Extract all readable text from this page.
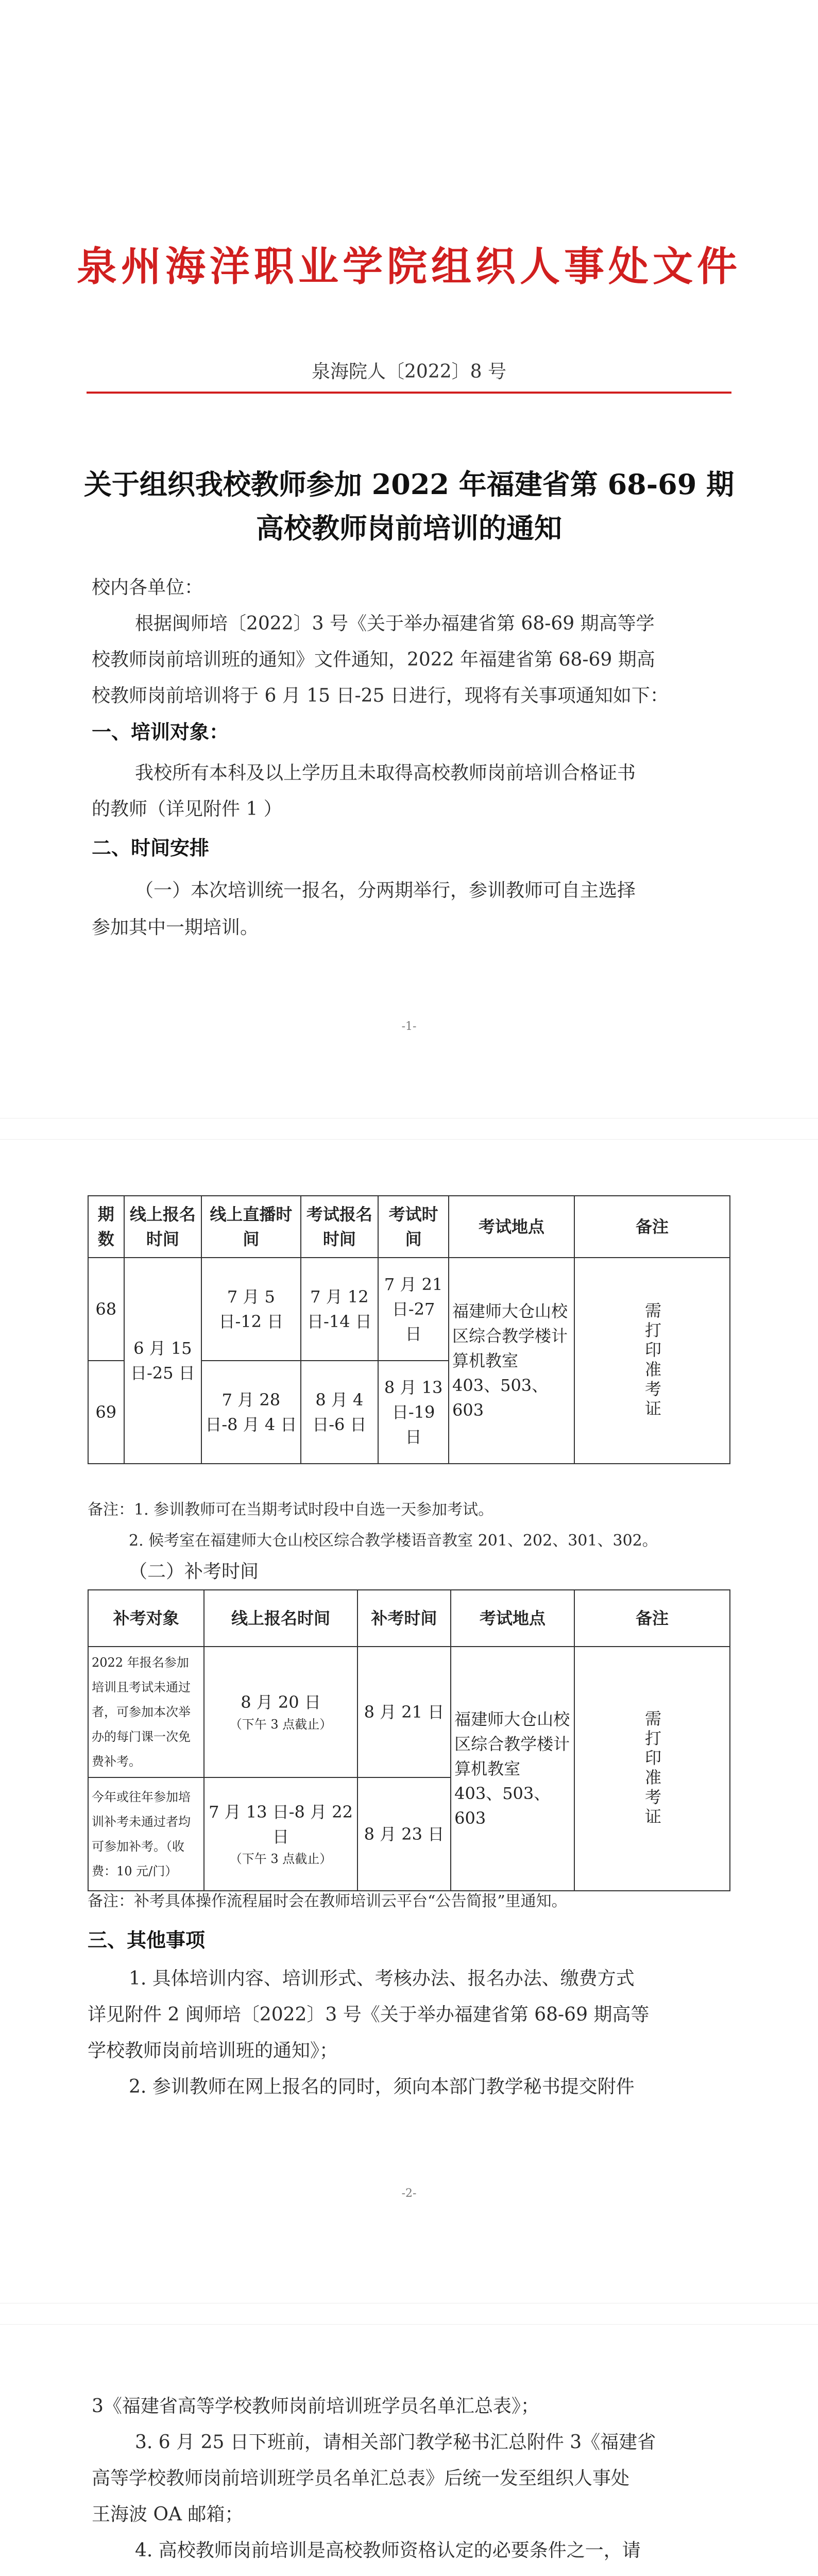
泉州海洋职业学院组织人事处文件
泉海院人〔2022〕8 号
关于组织我校教师参加 2022 年福建省第 68-69 期
高校教师岗前培训的通知
校内各单位：
根据闽师培〔2022〕3 号《关于举办福建省第 68-69 期高等学
校教师岗前培训班的通知》文件通知，2022 年福建省第 68-69 期高
校教师岗前培训将于 6 月 15 日-25 日进行，现将有关事项通知如下：
一、培训对象：
我校所有本科及以上学历且未取得高校教师岗前培训合格证书
的教师（详见附件 1 ）
二、时间安排
（一）本次培训统一报名，分两期举行，参训教师可自主选择
参加其中一期培训。
-1-
期数	线上报名时间	线上直播时间	考试报名时间	考试时间	考试地点	备注
68	6 月 15 日-25 日	7 月 5 日-12 日	7 月 12 日-14 日	7 月 21 日-27 日	福建师大仓山校区综合教学楼计算机教室 403、503、603	需打印准考证

69		7 月 28 日-8 月 4 日	8 月 4 日-6 日	8 月 13 日-19 日		
备注：1. 参训教师可在当期考试时段中自选一天参加考试。
2. 候考室在福建师大仓山校区综合教学楼语音教室 201、202、301、302。
（二）补考时间
补考对象	线上报名时间	补考时间	考试地点	备注
2022 年报名参加培训且考试未通过者，可参加本次举办的每门课一次免费补考。	8 月 20 日
（下午 3 点截止）	8 月 21 日	福建师大仓山校区综合教学楼计算机教室 403、503、603	需打印准考证

今年或往年参加培训补考未通过者均可参加补考。（收费：10 元/门）	7 月 13 日-8 月 22 日
（下午 3 点截止）	8 月 23 日		
备注：补考具体操作流程届时会在教师培训云平台“公告简报”里通知。
三、其他事项
1. 具体培训内容、培训形式、考核办法、报名办法、缴费方式
详见附件 2 闽师培〔2022〕3 号《关于举办福建省第 68-69 期高等
学校教师岗前培训班的通知》；
2. 参训教师在网上报名的同时，须向本部门教学秘书提交附件
-2-
3《福建省高等学校教师岗前培训班学员名单汇总表》；
3. 6 月 25 日下班前，请相关部门教学秘书汇总附件 3《福建省
高等学校教师岗前培训班学员名单汇总表》后统一发至组织人事处
王海波 OA 邮箱；
4. 高校教师岗前培训是高校教师资格认定的必要条件之一，请
